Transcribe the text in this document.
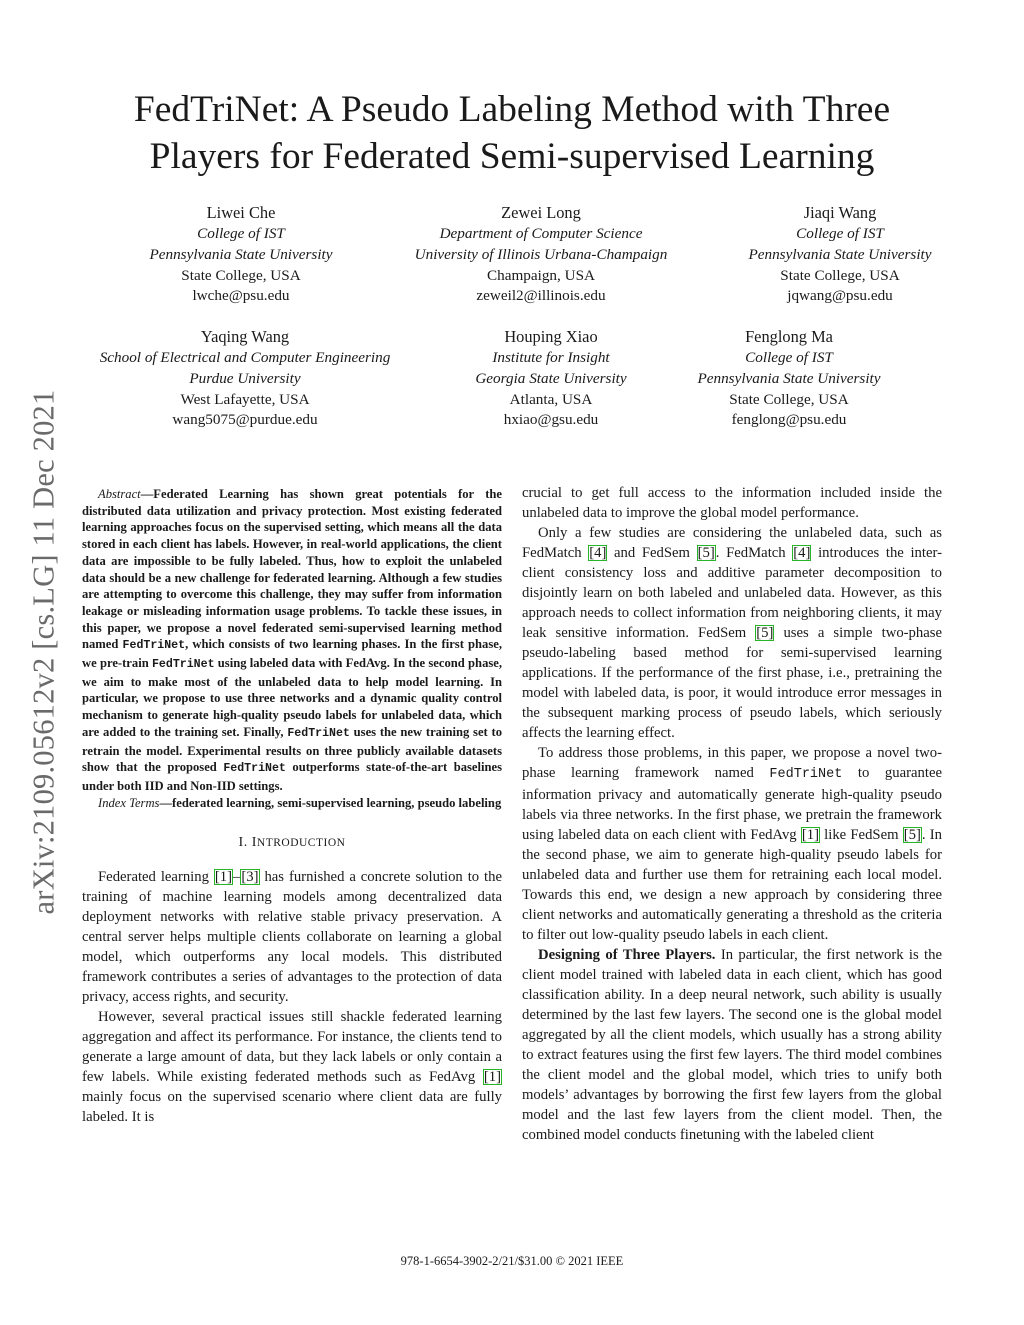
arXiv:2109.05612v2 [cs.LG] 11 Dec 2021
FedTriNet: A Pseudo Labeling Method with Three
Players for Federated Semi-supervised Learning
Liwei Che
College of IST
Pennsylvania State University
State College, USA
lwche@psu.edu
Zewei Long
Department of Computer Science
University of Illinois Urbana-Champaign
Champaign, USA
zeweil2@illinois.edu
Jiaqi Wang
College of IST
Pennsylvania State University
State College, USA
jqwang@psu.edu
Yaqing Wang
School of Electrical and Computer Engineering
Purdue University
West Lafayette, USA
wang5075@purdue.edu
Houping Xiao
Institute for Insight
Georgia State University
Atlanta, USA
hxiao@gsu.edu
Fenglong Ma
College of IST
Pennsylvania State University
State College, USA
fenglong@psu.edu

Abstract—Federated Learning has shown great potentials for the distributed data utilization and privacy protection. Most existing federated learning approaches focus on the supervised setting, which means all the data stored in each client has labels. However, in real-world applications, the client data are impossible to be fully labeled. Thus, how to exploit the unlabeled data should be a new challenge for federated learning. Although a few studies are attempting to overcome this challenge, they may suffer from information leakage or misleading information usage problems. To tackle these issues, in this paper, we propose a novel federated semi-supervised learning method named FedTriNet, which consists of two learning phases. In the first phase, we pre-train FedTriNet using labeled data with FedAvg. In the second phase, we aim to make most of the unlabeled data to help model learning. In particular, we propose to use three networks and a dynamic quality control mechanism to generate high-quality pseudo labels for unlabeled data, which are added to the training set. Finally, FedTriNet uses the new training set to retrain the model. Experimental results on three publicly available datasets show that the proposed FedTriNet outperforms state-of-the-art baselines under both IID and Non-IID settings.

Index Terms—federated learning, semi-supervised learning, pseudo labeling

I. INTRODUCTION

Federated learning [1]–[3] has furnished a concrete solution to the training of machine learning models among decentralized data deployment networks with relative stable privacy preservation. A central server helps multiple clients collaborate on learning a global model, which outperforms any local models. This distributed framework contributes a series of advantages to the protection of data privacy, access rights, and security.

However, several practical issues still shackle federated learning aggregation and affect its performance. For instance, the clients tend to generate a large amount of data, but they lack labels or only contain a few labels. While existing federated methods such as FedAvg [1] mainly focus on the supervised scenario where client data are fully labeled. It is

crucial to get full access to the information included inside the unlabeled data to improve the global model performance.

Only a few studies are considering the unlabeled data, such as FedMatch [4] and FedSem [5]. FedMatch [4] introduces the inter-client consistency loss and additive parameter decomposition to disjointly learn on both labeled and unlabeled data. However, as this approach needs to collect information from neighboring clients, it may leak sensitive information. FedSem [5] uses a simple two-phase pseudo-labeling based method for semi-supervised learning applications. If the performance of the first phase, i.e., pretraining the model with labeled data, is poor, it would introduce error messages in the subsequent marking process of pseudo labels, which seriously affects the learning effect.

To address those problems, in this paper, we propose a novel two-phase learning framework named FedTriNet to guarantee information privacy and automatically generate high-quality pseudo labels via three networks. In the first phase, we pretrain the framework using labeled data on each client with FedAvg [1] like FedSem [5]. In the second phase, we aim to generate high-quality pseudo labels for unlabeled data and further use them for retraining each local model. Towards this end, we design a new approach by considering three client networks and automatically generating a threshold as the criteria to filter out low-quality pseudo labels in each client.

Designing of Three Players. In particular, the first network is the client model trained with labeled data in each client, which has good classification ability. In a deep neural network, such ability is usually determined by the last few layers. The second one is the global model aggregated by all the client models, which usually has a strong ability to extract features using the first few layers. The third model combines the client model and the global model, which tries to unify both models’ advantages by borrowing the first few layers from the global model and the last few layers from the client model. Then, the combined model conducts finetuning with the labeled client

978-1-6654-3902-2/21/$31.00 © 2021 IEEE
